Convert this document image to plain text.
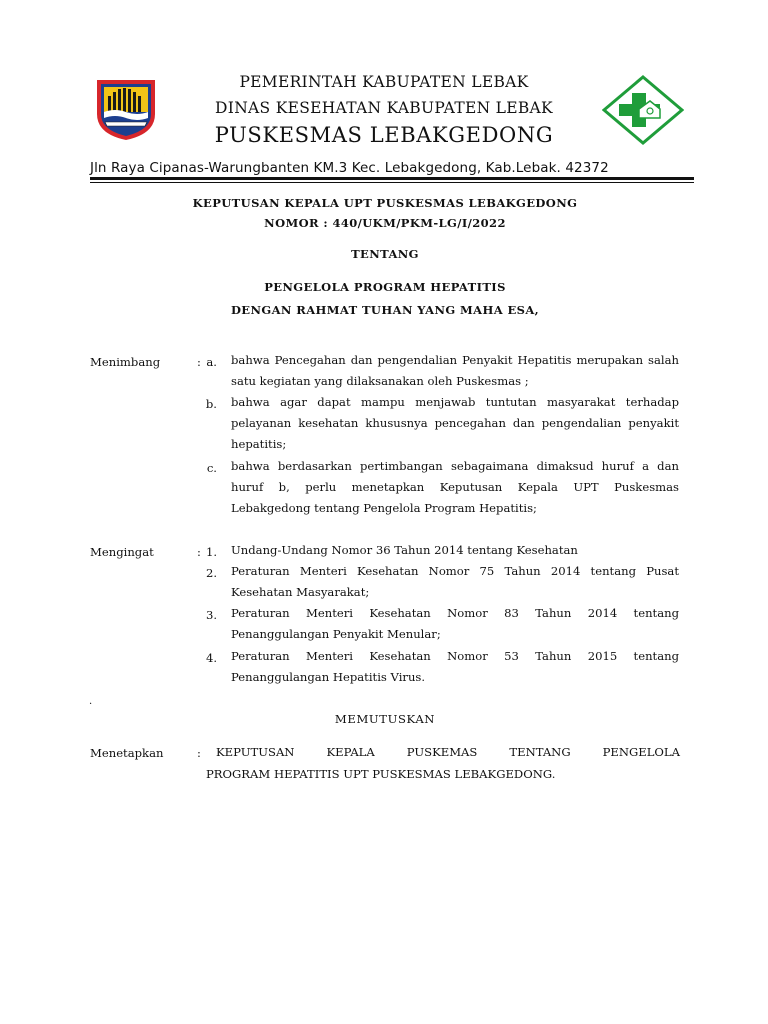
PEMERINTAH KABUPATEN LEBAK
DINAS KESEHATAN KABUPATEN LEBAK
PUSKESMAS LEBAKGEDONG
Jln Raya Cipanas-Warungbanten KM.3 Kec. Lebakgedong, Kab.Lebak. 42372
KEPUTUSAN KEPALA UPT PUSKESMAS LEBAKGEDONG
NOMOR : 440/UKM/PKM-LG/I/2022
TENTANG
PENGELOLA PROGRAM HEPATITIS
DENGAN RAHMAT TUHAN YANG MAHA ESA,
Menimbang	: a. bahwa Pencegahan dan pengendalian Penyakit Hepatitis merupakan salah
satu kegiatan yang dilaksanakan oleh Puskesmas ;
b. bahwa agar dapat mampu menjawab tuntutan masyarakat terhadap
pelayanan kesehatan khususnya pencegahan dan pengendalian penyakit
hepatitis;
c. bahwa berdasarkan pertimbangan sebagaimana dimaksud huruf a dan
huruf b, perlu menetapkan Keputusan Kepala UPT Puskesmas
Lebakgedong tentang Pengelola Program Hepatitis;
Mengingat	: 1. Undang-Undang Nomor 36 Tahun 2014 tentang Kesehatan
2. Peraturan Menteri Kesehatan Nomor 75 Tahun 2014 tentang Pusat
Kesehatan Masyarakat;
3. Peraturan Menteri Kesehatan Nomor 83 Tahun 2014 tentang
Penanggulangan Penyakit Menular;
4. Peraturan Menteri Kesehatan Nomor 53 Tahun 2015 tentang
Penanggulangan Hepatitis Virus.
.
MEMUTUSKAN
Menetapkan	: KEPUTUSAN KEPALA PUSKEMAS TENTANG PENGELOLA
PROGRAM HEPATITIS UPT PUSKESMAS LEBAKGEDONG.
